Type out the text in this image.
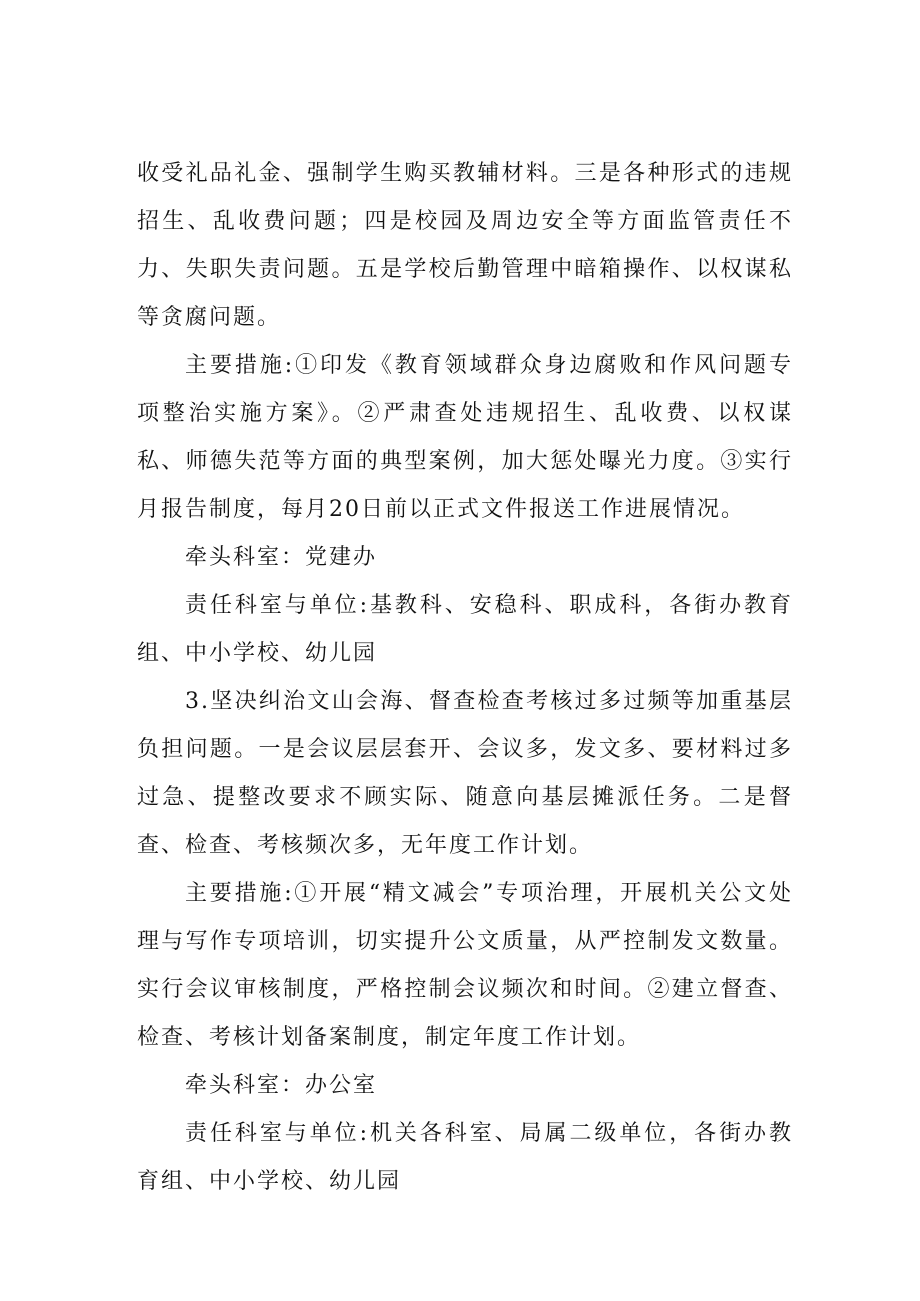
收受礼品礼金、强制学生购买教辅材料。三是各种形式的违规招生、乱收费问题；四是校园及周边安全等方面监管责任不力、失职失责问题。五是学校后勤管理中暗箱操作、以权谋私等贪腐问题。

主要措施:①印发《教育领域群众身边腐败和作风问题专项整治实施方案》。②严肃查处违规招生、乱收费、以权谋私、师德失范等方面的典型案例，加大惩处曝光力度。③实行月报告制度，每月20日前以正式文件报送工作进展情况。

牵头科室：党建办

责任科室与单位:基教科、安稳科、职成科，各街办教育组、中小学校、幼儿园

3.坚决纠治文山会海、督查检查考核过多过频等加重基层负担问题。一是会议层层套开、会议多，发文多、要材料过多过急、提整改要求不顾实际、随意向基层摊派任务。二是督查、检查、考核频次多，无年度工作计划。

主要措施:①开展“精文减会”专项治理，开展机关公文处理与写作专项培训，切实提升公文质量，从严控制发文数量。实行会议审核制度，严格控制会议频次和时间。②建立督查、检查、考核计划备案制度，制定年度工作计划。

牵头科室：办公室

责任科室与单位:机关各科室、局属二级单位，各街办教育组、中小学校、幼儿园
